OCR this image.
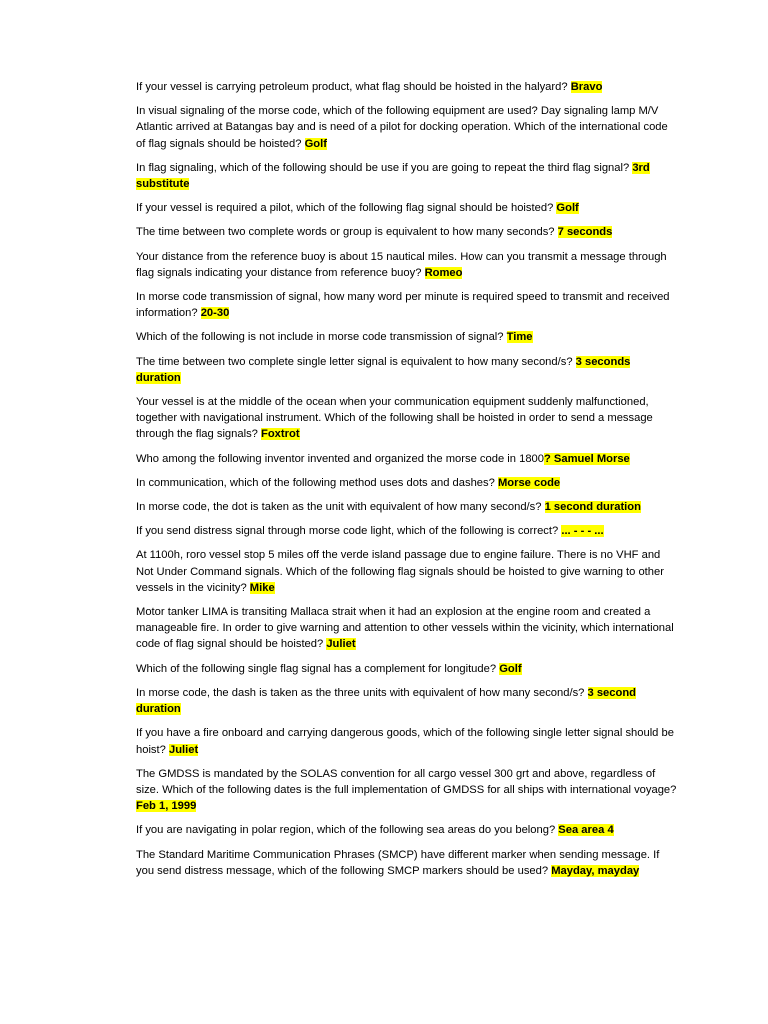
If your vessel is carrying petroleum product, what flag should be hoisted in the halyard? Bravo

In visual signaling of the morse code, which of the following equipment are used? Day signaling lamp M/V Atlantic arrived at Batangas bay and is need of a pilot for docking operation. Which of the international code of flag signals should be hoisted? Golf

In flag signaling, which of the following should be use if you are going to repeat the third flag signal? 3rd substitute

If your vessel is required a pilot, which of the following flag signal should be hoisted? Golf

The time between two complete words or group is equivalent to how many seconds? 7 seconds

Your distance from the reference buoy is about 15 nautical miles. How can you transmit a message through flag signals indicating your distance from reference buoy? Romeo

In morse code transmission of signal, how many word per minute is required speed to transmit and received information? 20-30

Which of the following is not include in morse code transmission of signal? Time

The time between two complete single letter signal is equivalent to how many second/s? 3 seconds duration

Your vessel is at the middle of the ocean when your communication equipment suddenly malfunctioned, together with navigational instrument. Which of the following shall be hoisted in order to send a message through the flag signals? Foxtrot

Who among the following inventor invented and organized the morse code in 1800? Samuel Morse

In communication, which of the following method uses dots and dashes? Morse code

In morse code, the dot is taken as the unit with equivalent of how many second/s? 1 second duration

If you send distress signal through morse code light, which of the following is correct? ... - - - ...

At 1100h, roro vessel stop 5 miles off the verde island passage due to engine failure. There is no VHF and Not Under Command signals. Which of the following flag signals should be hoisted to give warning to other vessels in the vicinity? Mike

Motor tanker LIMA is transiting Mallaca strait when it had an explosion at the engine room and created a manageable fire. In order to give warning and attention to other vessels within the vicinity, which international code of flag signal should be hoisted? Juliet

Which of the following single flag signal has a complement for longitude? Golf

In morse code, the dash is taken as the three units with equivalent of how many second/s? 3 second duration

If you have a fire onboard and carrying dangerous goods, which of the following single letter signal should be hoist? Juliet

The GMDSS is mandated by the SOLAS convention for all cargo vessel 300 grt and above, regardless of size. Which of the following dates is the full implementation of GMDSS for all ships with international voyage? Feb 1, 1999

If you are navigating in polar region, which of the following sea areas do you belong? Sea area 4

The Standard Maritime Communication Phrases (SMCP) have different marker when sending message. If you send distress message, which of the following SMCP markers should be used? Mayday, mayday
